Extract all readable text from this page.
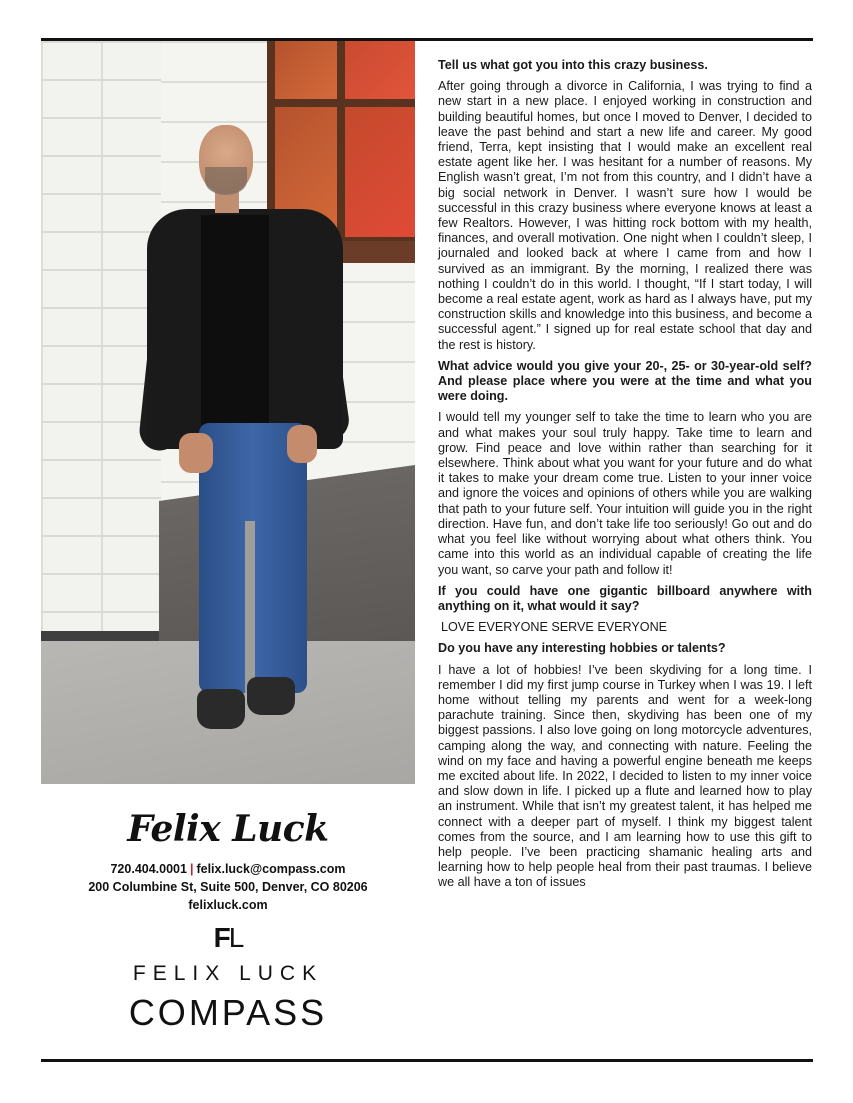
Felix Luck
720.404.0001 | felix.luck@compass.com
200 Columbine St, Suite 500, Denver, CO 80206
felixluck.com
FL
FELIX LUCK
COMPASS

Tell us what got you into this crazy business.

After going through a divorce in California, I was trying to find a new start in a new place. I enjoyed working in construction and building beautiful homes, but once I moved to Denver, I decided to leave the past behind and start a new life and career. My good friend, Terra, kept insisting that I would make an excellent real estate agent like her. I was hesitant for a number of reasons. My English wasn’t great, I’m not from this country, and I didn’t have a big social network in Denver. I wasn’t sure how I would be successful in this crazy business where everyone knows at least a few Realtors. However, I was hitting rock bottom with my health, finances, and overall motivation. One night when I couldn’t sleep, I journaled and looked back at where I came from and how I survived as an immigrant. By the morning, I realized there was nothing I couldn’t do in this world. I thought, “If I start today, I will become a real estate agent, work as hard as I always have, put my construction skills and knowledge into this business, and become a successful agent.” I signed up for real estate school that day and the rest is history.

What advice would you give your 20-, 25- or 30-year-old self? And please place where you were at the time and what you were doing.

I would tell my younger self to take the time to learn who you are and what makes your soul truly happy. Take time to learn and grow. Find peace and love within rather than searching for it elsewhere. Think about what you want for your future and do what it takes to make your dream come true. Listen to your inner voice and ignore the voices and opinions of others while you are walking that path to your future self. Your intuition will guide you in the right direction. Have fun, and don’t take life too seriously! Go out and do what you feel like without worrying about what others think. You came into this world as an individual capable of creating the life you want, so carve your path and follow it!

If you could have one gigantic billboard anywhere with anything on it, what would it say?

LOVE EVERYONE SERVE EVERYONE

Do you have any interesting hobbies or talents?

I have a lot of hobbies! I’ve been skydiving for a long time. I remember I did my first jump course in Turkey when I was 19. I left home without telling my parents and went for a week-long parachute training. Since then, skydiving has been one of my biggest passions. I also love going on long motorcycle adventures, camping along the way, and connecting with nature. Feeling the wind on my face and having a powerful engine beneath me keeps me excited about life. In 2022, I decided to listen to my inner voice and slow down in life. I picked up a flute and learned how to play an instrument. While that isn’t my greatest talent, it has helped me connect with a deeper part of myself. I think my biggest talent comes from the source, and I am learning how to use this gift to help people. I’ve been practicing shamanic healing arts and learning how to help people heal from their past traumas. I believe we all have a ton of issues
